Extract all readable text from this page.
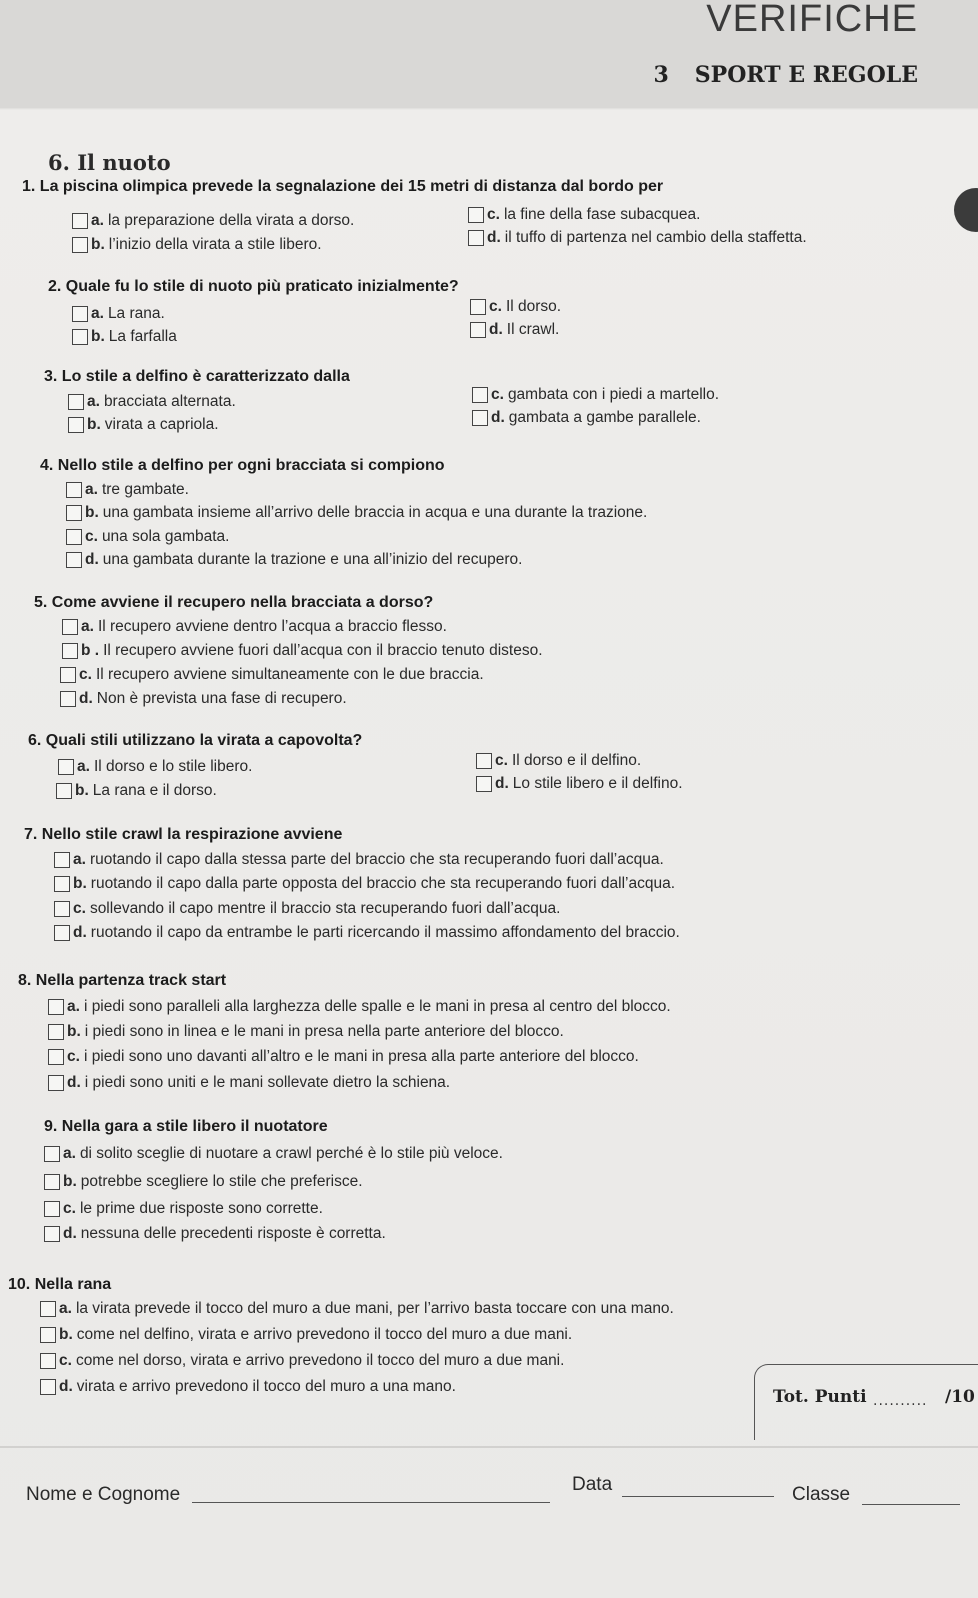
VERIFICHE
3 SPORT E REGOLE
6. Il nuoto
1. La piscina olimpica prevede la segnalazione dei 15 metri di distanza dal bordo per
a. la preparazione della virata a dorso.
b. l’inizio della virata a stile libero.
c. la fine della fase subacquea.
d. il tuffo di partenza nel cambio della staffetta.
2. Quale fu lo stile di nuoto più praticato inizialmente?
a. La rana.
b. La farfalla
c. Il dorso.
d. Il crawl.
3. Lo stile a delfino è caratterizzato dalla
a. bracciata alternata.
b. virata a capriola.
c. gambata con i piedi a martello.
d. gambata a gambe parallele.
4. Nello stile a delfino per ogni bracciata si compiono
a. tre gambate.
b. una gambata insieme all’arrivo delle braccia in acqua e una durante la trazione.
c. una sola gambata.
d. una gambata durante la trazione e una all’inizio del recupero.
5. Come avviene il recupero nella bracciata a dorso?
a. Il recupero avviene dentro l’acqua a braccio flesso.
b . Il recupero avviene fuori dall’acqua con il braccio tenuto disteso.
c. Il recupero avviene simultaneamente con le due braccia.
d. Non è prevista una fase di recupero.
6. Quali stili utilizzano la virata a capovolta?
a. Il dorso e lo stile libero.
b. La rana e il dorso.
c. Il dorso e il delfino.
d. Lo stile libero e il delfino.
7. Nello stile crawl la respirazione avviene
a. ruotando il capo dalla stessa parte del braccio che sta recuperando fuori dall’acqua.
b. ruotando il capo dalla parte opposta del braccio che sta recuperando fuori dall’acqua.
c. sollevando il capo mentre il braccio sta recuperando fuori dall’acqua.
d. ruotando il capo da entrambe le parti ricercando il massimo affondamento del braccio.
8. Nella partenza track start
a. i piedi sono paralleli alla larghezza delle spalle e le mani in presa al centro del blocco.
b. i piedi sono in linea e le mani in presa nella parte anteriore del blocco.
c. i piedi sono uno davanti all’altro e le mani in presa alla parte anteriore del blocco.
d. i piedi sono uniti e le mani sollevate dietro la schiena.
9. Nella gara a stile libero il nuotatore
a. di solito sceglie di nuotare a crawl perché è lo stile più veloce.
b. potrebbe scegliere lo stile che preferisce.
c. le prime due risposte sono corrette.
d. nessuna delle precedenti risposte è corretta.
10. Nella rana
a. la virata prevede il tocco del muro a due mani, per l’arrivo basta toccare con una mano.
b. come nel delfino, virata e arrivo prevedono il tocco del muro a due mani.
c. come nel dorso, virata e arrivo prevedono il tocco del muro a due mani.
d. virata e arrivo prevedono il tocco del muro a una mano.
Tot. Punti .......... /10
Nome e Cognome	Data	Classe
